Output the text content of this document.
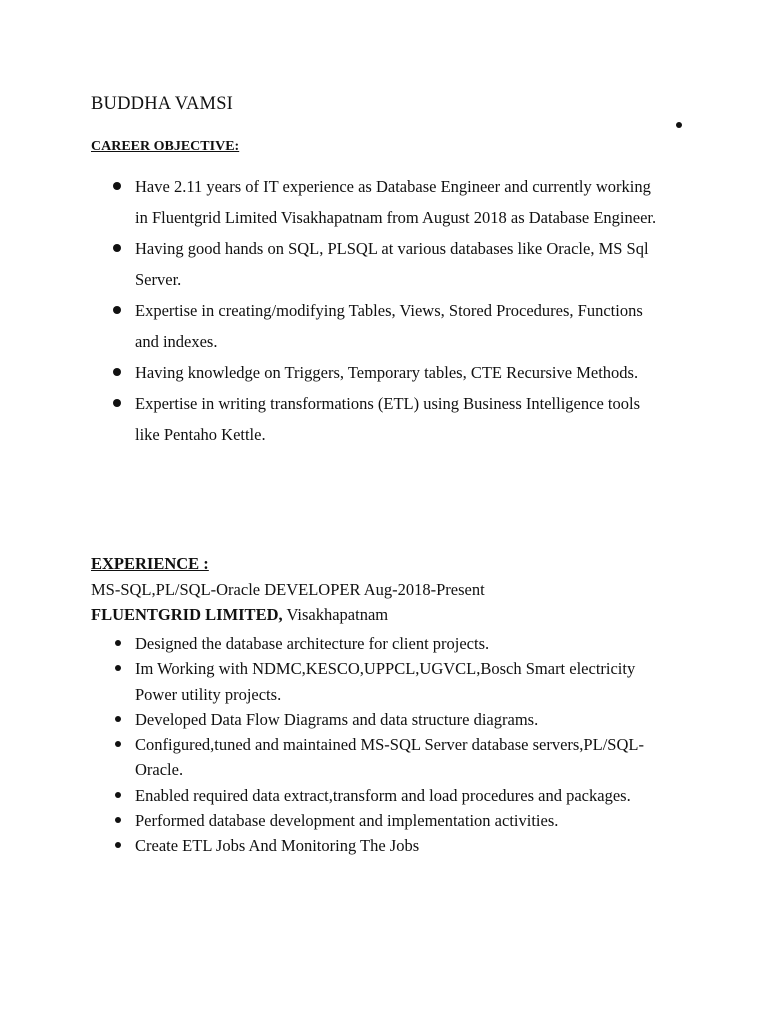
BUDDHA VAMSI
CAREER OBJECTIVE:
Have 2.11 years of IT experience as Database Engineer and currently working in Fluentgrid Limited Visakhapatnam from August 2018 as Database Engineer.
Having good hands on SQL, PLSQL at various databases like Oracle, MS Sql Server.
Expertise in creating/modifying Tables, Views, Stored Procedures, Functions and indexes.
Having knowledge on Triggers, Temporary tables, CTE Recursive Methods.
Expertise in writing transformations (ETL) using Business Intelligence tools like Pentaho Kettle.
EXPERIENCE :

MS-SQL,PL/SQL-Oracle DEVELOPER Aug-2018-Present

FLUENTGRID LIMITED, Visakhapatnam

Designed the database architecture for client projects.
Im Working with NDMC,KESCO,UPPCL,UGVCL,Bosch Smart electricity Power utility projects.
Developed Data Flow Diagrams and data structure diagrams.
Configured,tuned and maintained MS-SQL Server database servers,PL/SQL-Oracle.
Enabled required data extract,transform and load procedures and packages.
Performed database development and implementation activities.
Create ETL Jobs And Monitoring The Jobs
